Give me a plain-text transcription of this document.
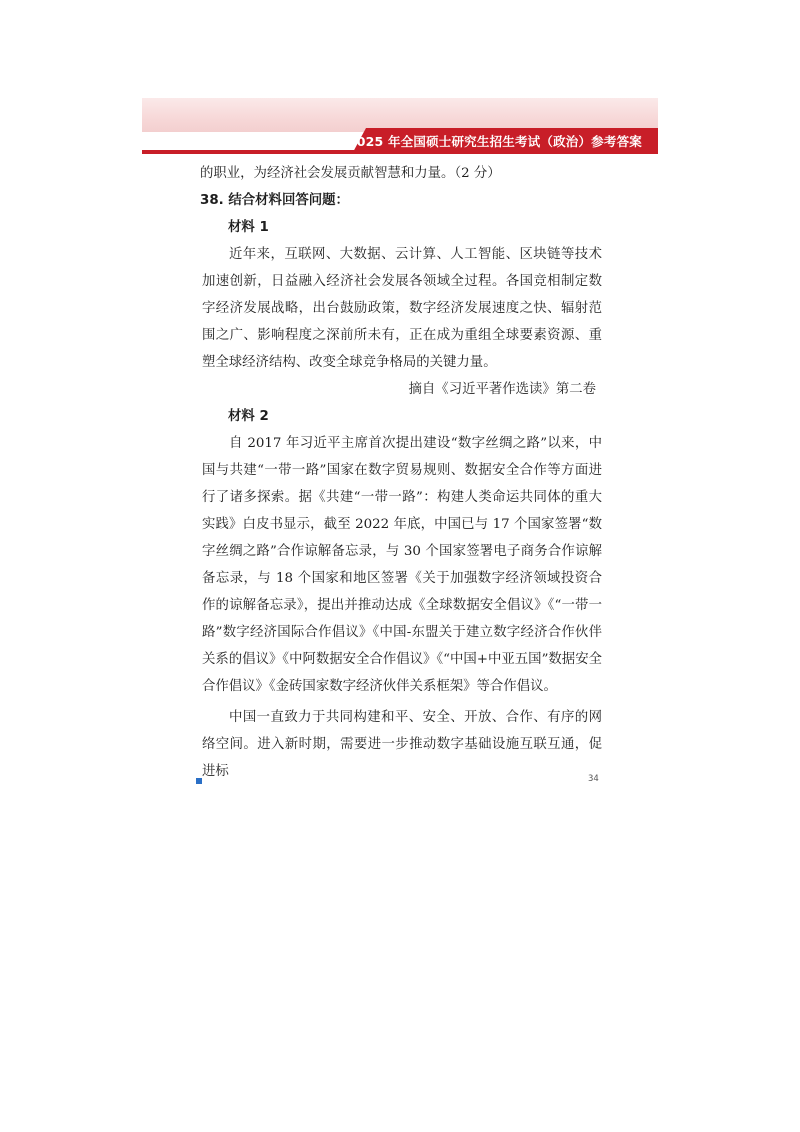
2025 年全国硕士研究生招生考试（政治）参考答案
的职业，为经济社会发展贡献智慧和力量。（2 分）
38. 结合材料回答问题：
材料 1
近年来，互联网、大数据、云计算、人工智能、区块链等技术加速创新，日益融入经济社会发展各领域全过程。各国竞相制定数字经济发展战略，出台鼓励政策，数字经济发展速度之快、辐射范围之广、影响程度之深前所未有，正在成为重组全球要素资源、重塑全球经济结构、改变全球竞争格局的关键力量。
摘自《习近平著作选读》第二卷
材料 2
自 2017 年习近平主席首次提出建设“数字丝绸之路”以来，中国与共建“一带一路”国家在数字贸易规则、数据安全合作等方面进行了诸多探索。据《共建“一带一路”：构建人类命运共同体的重大实践》白皮书显示，截至 2022 年底，中国已与 17 个国家签署“数字丝绸之路”合作谅解备忘录，与 30 个国家签署电子商务合作谅解备忘录，与 18 个国家和地区签署《关于加强数字经济领域投资合作的谅解备忘录》，提出并推动达成《全球数据安全倡议》《“一带一路”数字经济国际合作倡议》《中国-东盟关于建立数字经济合作伙伴关系的倡议》《中阿数据安全合作倡议》《“中国+中亚五国”数据安全合作倡议》《金砖国家数字经济伙伴关系框架》等合作倡议。
中国一直致力于共同构建和平、安全、开放、合作、有序的网络空间。进入新时期，需要进一步推动数字基础设施互联互通，促进标	34
